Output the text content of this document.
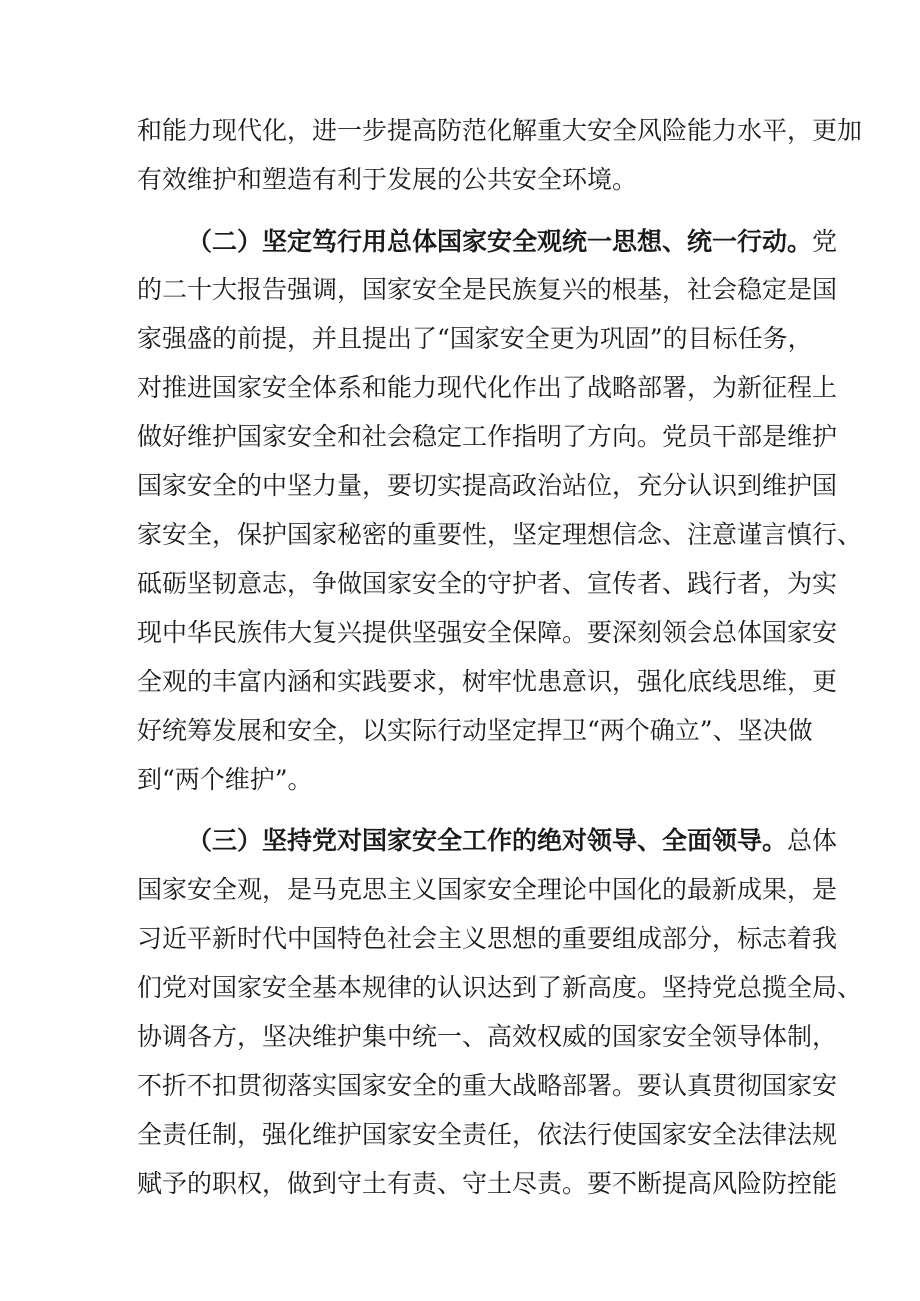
和能力现代化，进一步提高防范化解重大安全风险能力水平，更加
有效维护和塑造有利于发展的公共安全环境。
（二）坚定笃行用总体国家安全观统一思想、统一行动。党
的二十大报告强调，国家安全是民族复兴的根基，社会稳定是国
家强盛的前提，并且提出了“国家安全更为巩固”的目标任务，
对推进国家安全体系和能力现代化作出了战略部署，为新征程上
做好维护国家安全和社会稳定工作指明了方向。党员干部是维护
国家安全的中坚力量，要切实提高政治站位，充分认识到维护国
家安全，保护国家秘密的重要性，坚定理想信念、注意谨言慎行、
砥砺坚韧意志，争做国家安全的守护者、宣传者、践行者，为实
现中华民族伟大复兴提供坚强安全保障。要深刻领会总体国家安
全观的丰富内涵和实践要求，树牢忧患意识，强化底线思维，更
好统筹发展和安全，以实际行动坚定捍卫“两个确立”、坚决做
到“两个维护”。
（三）坚持党对国家安全工作的绝对领导、全面领导。总体
国家安全观，是马克思主义国家安全理论中国化的最新成果，是
习近平新时代中国特色社会主义思想的重要组成部分，标志着我
们党对国家安全基本规律的认识达到了新高度。坚持党总揽全局、
协调各方，坚决维护集中统一、高效权威的国家安全领导体制，
不折不扣贯彻落实国家安全的重大战略部署。要认真贯彻国家安
全责任制，强化维护国家安全责任，依法行使国家安全法律法规
赋予的职权，做到守土有责、守土尽责。要不断提高风险防控能
